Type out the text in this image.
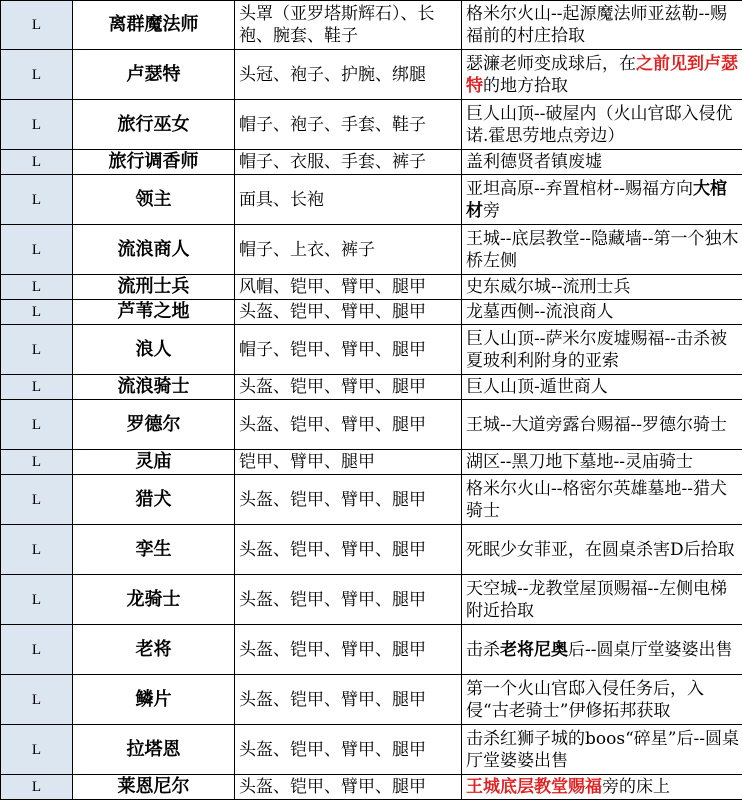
L	离群魔法师	头罩（亚罗塔斯辉石）、长袍、腕套、鞋子	格米尔火山--起源魔法师亚兹勒--赐福前的村庄拾取
L	卢瑟特	头冠、袍子、护腕、绑腿	瑟濂老师变成球后，在之前见到卢瑟特的地方拾取
L	旅行巫女	帽子、袍子、手套、鞋子	巨人山顶--破屋内（火山官邸入侵优诺.霍思劳地点旁边）
L	旅行调香师	帽子、衣服、手套、裤子	盖利德贤者镇废墟
L	领主	面具、长袍	亚坦高原--弃置棺材--赐福方向大棺材旁
L	流浪商人	帽子、上衣、裤子	王城--底层教堂--隐藏墙--第一个独木桥左侧
L	流刑士兵	风帽、铠甲、臂甲、腿甲	史东威尔城--流刑士兵
L	芦苇之地	头盔、铠甲、臂甲、腿甲	龙墓西侧--流浪商人
L	浪人	帽子、铠甲、臂甲、腿甲	巨人山顶--萨米尔废墟赐福--击杀被夏玻利利附身的亚索
L	流浪骑士	头盔、铠甲、臂甲、腿甲	巨人山顶-遁世商人
L	罗德尔	头盔、铠甲、臂甲、腿甲	王城--大道旁露台赐福--罗德尔骑士
L	灵庙	铠甲、臂甲、腿甲	湖区--黑刀地下墓地--灵庙骑士
L	猎犬	头盔、铠甲、臂甲、腿甲	格米尔火山--格密尔英雄墓地--猎犬骑士
L	孪生	头盔、铠甲、臂甲、腿甲	死眠少女菲亚，在圆桌杀害D后拾取
L	龙骑士	头盔、铠甲、臂甲、腿甲	天空城--龙教堂屋顶赐福--左侧电梯附近拾取
L	老将	头盔、铠甲、臂甲、腿甲	击杀老将尼奥后--圆桌厅堂婆婆出售
L	鳞片	头盔、铠甲、臂甲、腿甲	第一个火山官邸入侵任务后，入侵“古老骑士”伊修拓邦获取
L	拉塔恩	头盔、铠甲、臂甲、腿甲	击杀红狮子城的boos“碎星”后--圆桌厅堂婆婆出售
L	莱恩尼尔	头盔、铠甲、臂甲、腿甲	王城底层教堂赐福旁的床上
